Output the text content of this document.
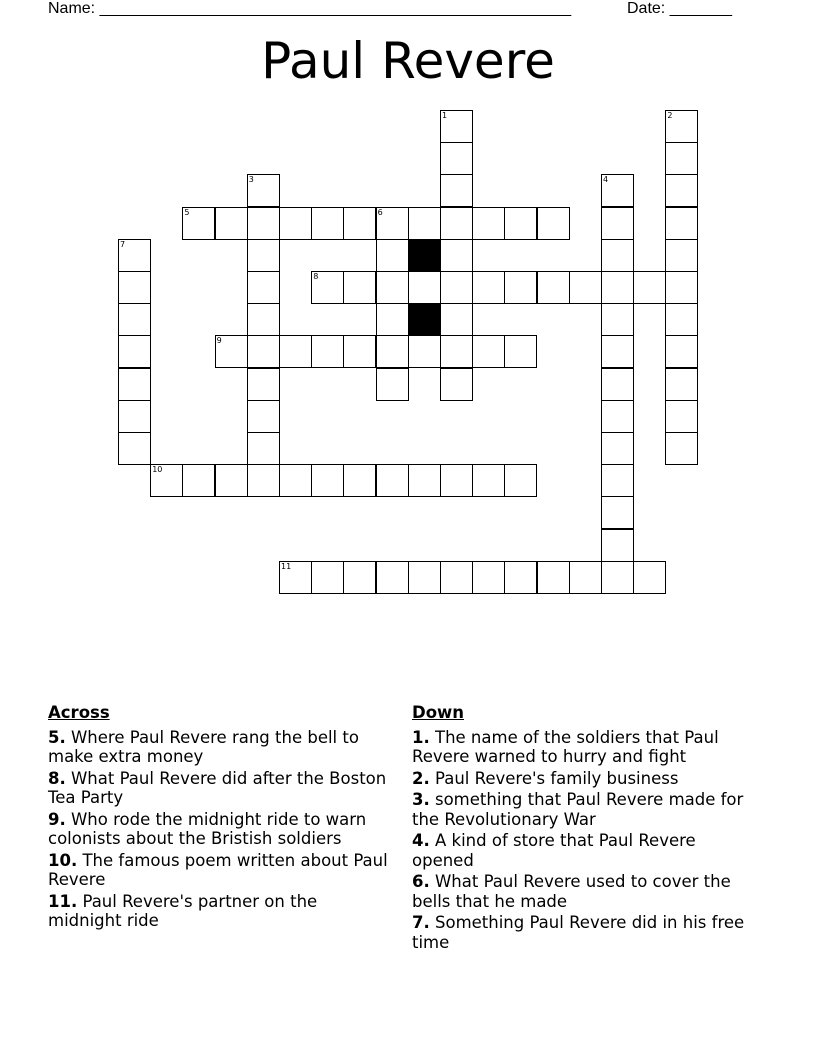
Name: _____________________________________________________	Date: _______
Paul Revere
1	2
3	4
5	6
7
8
9
10
11
Across
5. Where Paul Revere rang the bell to make extra money
8. What Paul Revere did after the Boston Tea Party
9. Who rode the midnight ride to warn colonists about the Bristish soldiers
10. The famous poem written about Paul Revere
11. Paul Revere's partner on the midnight ride
Down
1. The name of the soldiers that Paul Revere warned to hurry and fight
2. Paul Revere's family business
3. something that Paul Revere made for the Revolutionary War
4. A kind of store that Paul Revere opened
6. What Paul Revere used to cover the bells that he made
7. Something Paul Revere did in his free time
